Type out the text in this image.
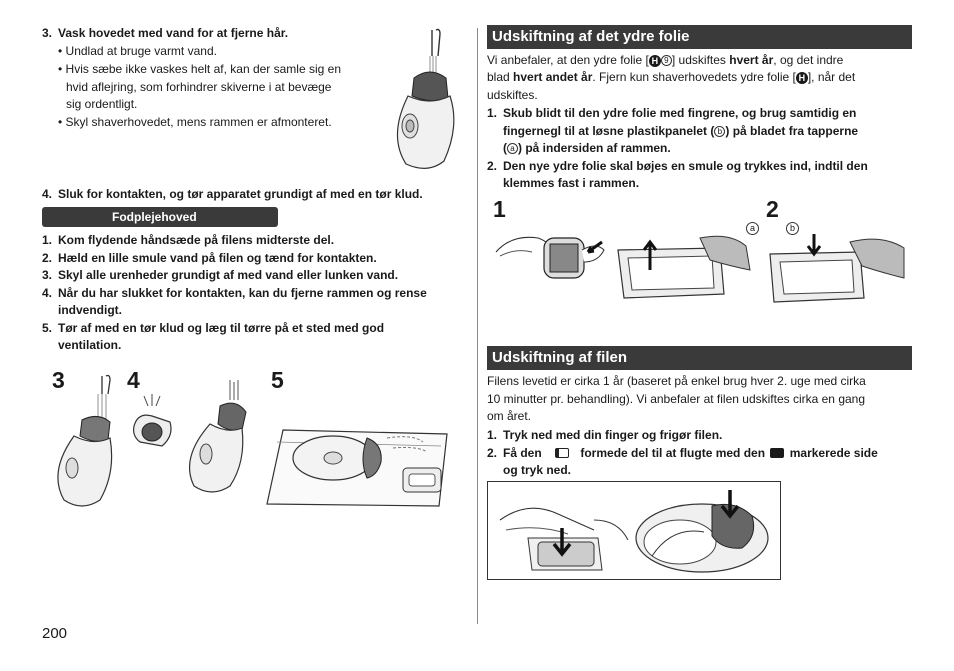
3. Vask hovedet med vand for at fjerne hår.
• Undlad at bruge varmt vand.
• Hvis sæbe ikke vaskes helt af, kan der samle sig en
hvid aflejring, som forhindrer skiverne i at bevæge
sig ordentligt.
• Skyl shaverhovedet, mens rammen er afmonteret.
4. Sluk for kontakten, og tør apparatet grundigt af med en tør klud.
Fodplejehoved
1. Kom flydende håndsæde på filens midterste del.
2. Hæld en lille smule vand på filen og tænd for kontakten.
3. Skyl alle urenheder grundigt af med vand eller lunken vand.
4. Når du har slukket for kontakten, kan du fjerne rammen og rense
indvendigt.
5. Tør af med en tør klud og læg til tørre på et sted med god
ventilation.
3	4	5
200
Udskiftning af det ydre folie
Vi anbefaler, at den ydre folie [ H 9 ] udskiftes hvert år, og det indre
blad hvert andet år. Fjern kun shaverhovedets ydre folie [ H ], når det
udskiftes.
1. Skub blidt til den ydre folie med fingrene, og brug samtidig en
fingernegl til at løsne plastikpanelet ( b ) på bladet fra tapperne
( a ) på indersiden af rammen.
2. Den nye ydre folie skal bøjes en smule og trykkes ind, indtil den
klemmes fast i rammen.
1	2
a	b
Udskiftning af filen
Filens levetid er cirka 1 år (baseret på enkel brug hver 2. uge med cirka
10 minutter pr. behandling). Vi anbefaler at filen udskiftes cirka en gang
om året.
1. Tryk ned med din finger og frigør filen.
2. Få den	formede del til at flugte med den markerede side
og tryk ned.
